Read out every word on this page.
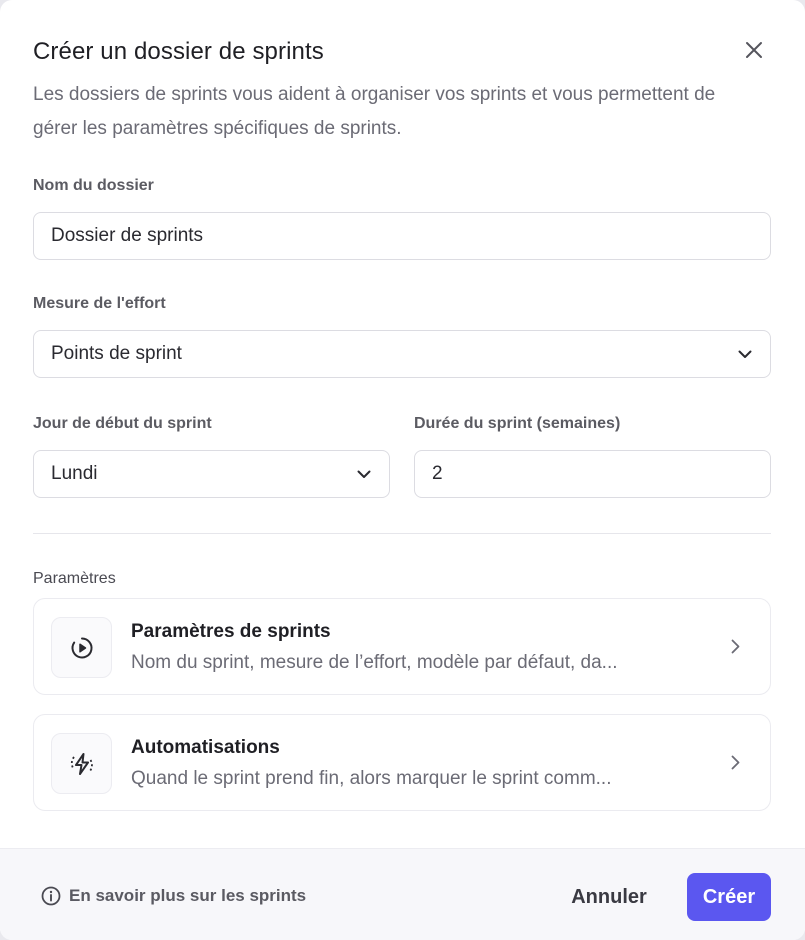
Créer un dossier de sprints
Les dossiers de sprints vous aident à organiser vos sprints et vous permettent de gérer les paramètres spécifiques de sprints.
Nom du dossier
Dossier de sprints
Mesure de l'effort
Points de sprint
Jour de début du sprint
Lundi
Durée du sprint (semaines)
2
Paramètres
Paramètres de sprints
Nom du sprint, mesure de l’effort, modèle par défaut, da...
Automatisations
Quand le sprint prend fin, alors marquer le sprint comm...
En savoir plus sur les sprints	Annuler	Créer
